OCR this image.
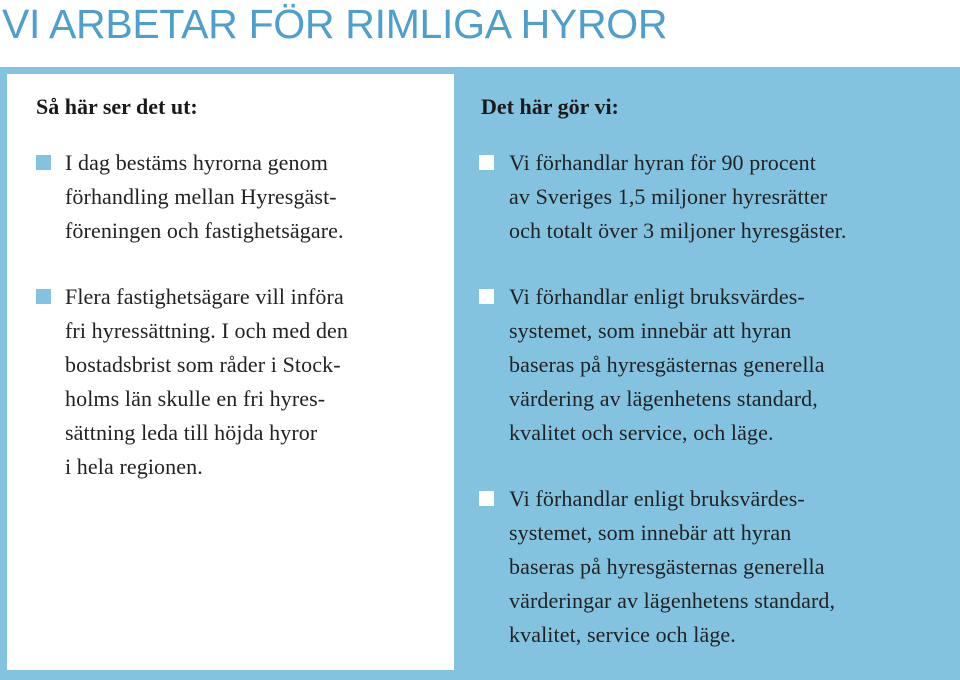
VI ARBETAR FÖR RIMLIGA HYROR
Så här ser det ut:
I dag bestäms hyrorna genom
förhandling mellan Hyresgäst-
föreningen och fastighetsägare.
Flera fastighetsägare vill införa
fri hyressättning. I och med den
bostadsbrist som råder i Stock-
holms län skulle en fri hyres-
sättning leda till höjda hyror
i hela regionen.
Det här gör vi:
Vi förhandlar hyran för 90 procent
av Sveriges 1,5 miljoner hyresrätter
och totalt över 3 miljoner hyresgäster.
Vi förhandlar enligt bruksvärdes-
systemet, som innebär att hyran
baseras på hyresgästernas generella
värdering av lägenhetens standard,
kvalitet och service, och läge.
Vi förhandlar enligt bruksvärdes-
systemet, som innebär att hyran
baseras på hyresgästernas generella
värderingar av lägenhetens standard,
kvalitet, service och läge.
